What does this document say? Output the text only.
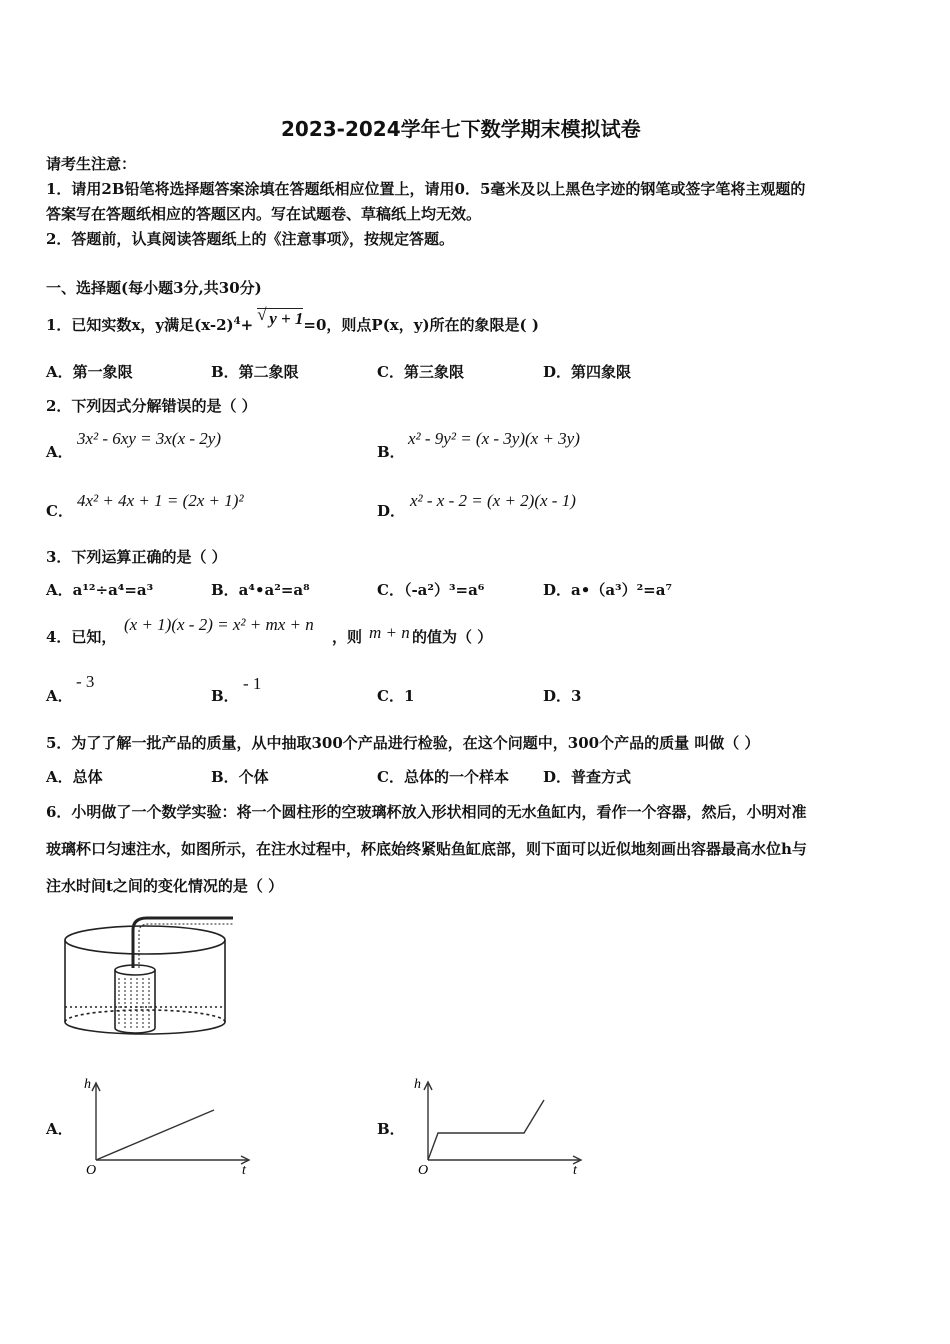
2023-2024学年七下数学期末模拟试卷
请考生注意：
1．请用2B铅笔将选择题答案涂填在答题纸相应位置上，请用0．5毫米及以上黑色字迹的钢笔或签字笔将主观题的
答案写在答题纸相应的答题区内。写在试题卷、草稿纸上均无效。
2．答题前，认真阅读答题纸上的《注意事项》，按规定答题。
一、选择题(每小题3分,共30分)
1．已知实数x，y满足$(x-2)^4+$
√ y + 1=0，则点P(x，y)所在的象限是( )
A．第一象限	B．第二象限	C．第三象限	D．第四象限
2．下列因式分解错误的是（ ）
A．
3x² - 6xy = 3x(x - 2y)
B．
x² - 9y² = (x - 3y)(x + 3y)
C．
4x² + 4x + 1 = (2x + 1)²
D．
x² - x - 2 = (x + 2)(x - 1)
3．下列运算正确的是（ ）
A．a¹²÷a⁴=a³	B．a⁴•a²=a⁸	C．（-a²）³=a⁶	D．a•（a³）²=a⁷
4．已知，
(x + 1)(x - 2) = x² + mx + n
，则 m + n 的值为（ ）
A．
- 3
B．
- 1
C．1	D．3
5．为了了解一批产品的质量，从中抽取300个产品进行检验，在这个问题中，300个产品的质量 叫做（ ）
A．总体	B．个体	C．总体的一个样本 D．普查方式
6．小明做了一个数学实验：将一个圆柱形的空玻璃杯放入形状相同的无水鱼缸内，看作一个容器，然后，小明对准
玻璃杯口匀速注水，如图所示，在注水过程中，杯底始终紧贴鱼缸底部，则下面可以近似地刻画出容器最高水位h与
注水时间t之间的变化情况的是（ ）
A．
h
O	t
B．
h
O	t
